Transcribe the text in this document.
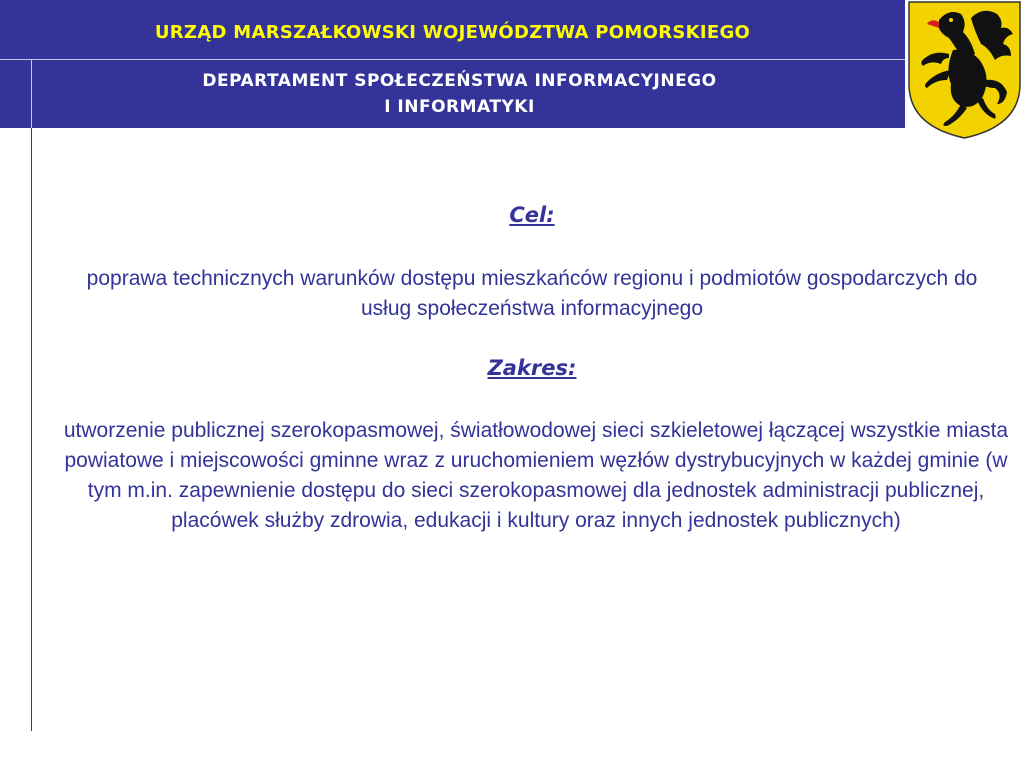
URZĄD MARSZAŁKOWSKI WOJEWÓDZTWA POMORSKIEGO
DEPARTAMENT SPOŁECZEŃSTWA INFORMACYJNEGO
I INFORMATYKI
Cel:
poprawa technicznych warunków dostępu mieszkańców regionu i podmiotów gospodarczych do usług społeczeństwa informacyjnego
Zakres:
utworzenie publicznej szerokopasmowej, światłowodowej sieci szkieletowej łączącej wszystkie miasta powiatowe i miejscowości gminne wraz z uruchomieniem węzłów dystrybucyjnych w każdej gminie (w tym m.in. zapewnienie dostępu do sieci szerokopasmowej dla jednostek administracji publicznej, placówek służby zdrowia, edukacji i kultury oraz innych jednostek publicznych)
